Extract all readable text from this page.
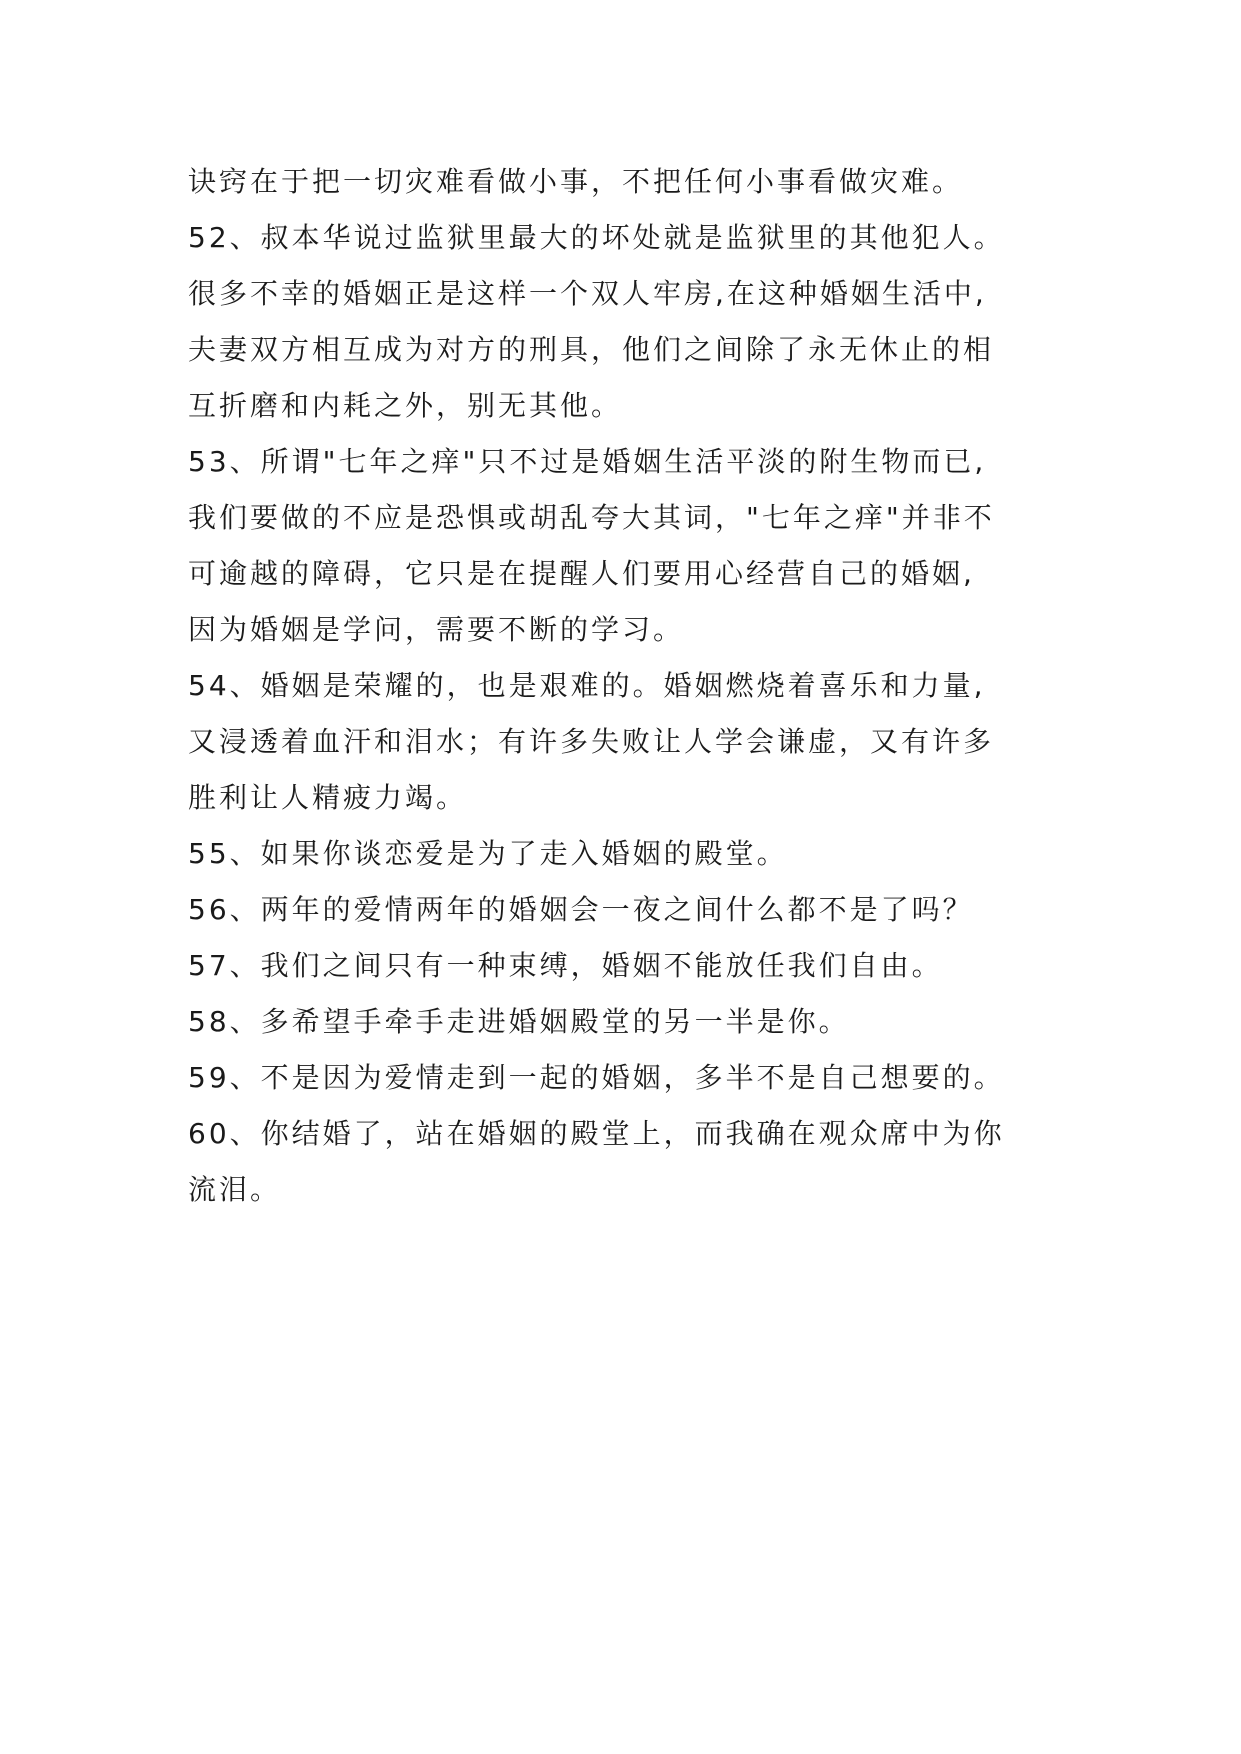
诀窍在于把一切灾难看做小事，不把任何小事看做灾难。
52、叔本华说过监狱里最大的坏处就是监狱里的其他犯人。
很多不幸的婚姻正是这样一个双人牢房,在这种婚姻生活中,
夫妻双方相互成为对方的刑具，他们之间除了永无休止的相
互折磨和内耗之外，别无其他。
53、所谓"七年之痒"只不过是婚姻生活平淡的附生物而已,
我们要做的不应是恐惧或胡乱夸大其词，"七年之痒"并非不
可逾越的障碍，它只是在提醒人们要用心经营自己的婚姻,
因为婚姻是学问，需要不断的学习。
54、婚姻是荣耀的，也是艰难的。婚姻燃烧着喜乐和力量,
又浸透着血汗和泪水；有许多失败让人学会谦虚，又有许多
胜利让人精疲力竭。
55、如果你谈恋爱是为了走入婚姻的殿堂。
56、两年的爱情两年的婚姻会一夜之间什么都不是了吗？
57、我们之间只有一种束缚，婚姻不能放任我们自由。
58、多希望手牵手走进婚姻殿堂的另一半是你。
59、不是因为爱情走到一起的婚姻，多半不是自己想要的。
60、你结婚了，站在婚姻的殿堂上，而我确在观众席中为你
流泪。
